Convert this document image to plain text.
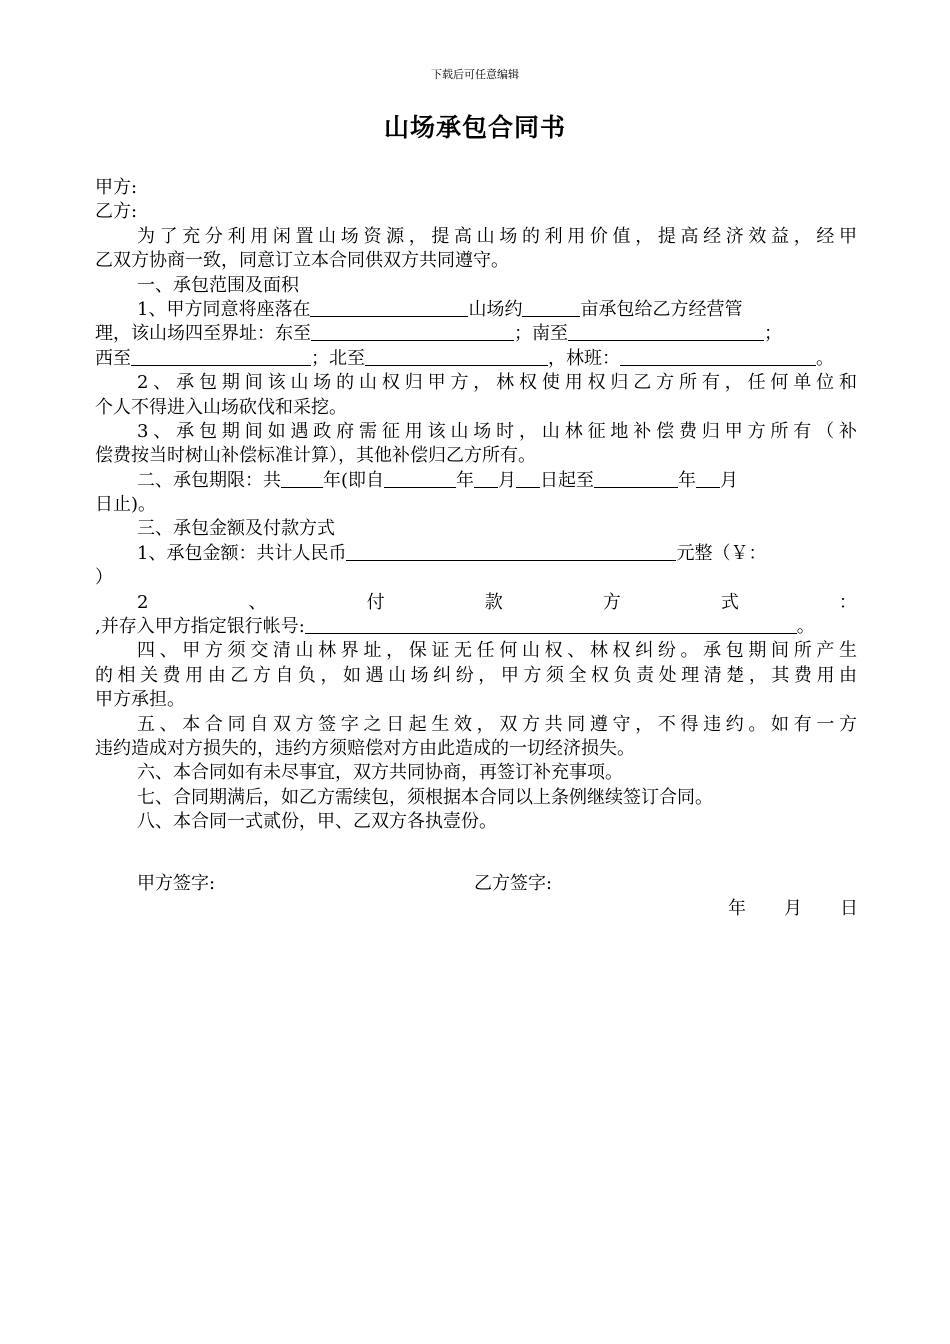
下载后可任意编辑
山场承包合同书
甲方:
乙方:
为了充分利用闲置山场资源，提高山场的利用价值，提高经济效益，经甲
乙双方协商一致，同意订立本合同供双方共同遵守。
一、承包范围及面积
1、甲方同意将座落在	山场约	亩承包给乙方经营管
理，该山场四至界址：东至	；南至	；
西至	；北至	，林班：	。
2、承包期间该山场的山权归甲方，林权使用权归乙方所有，任何单位和
个人不得进入山场砍伐和采挖。
3、承包期间如遇政府需征用该山场时，山林征地补偿费归甲方所有（补
偿费按当时树山补偿标准计算），其他补偿归乙方所有。
二、承包期限：共 年(即自	年 月 日起至	年 月
日止)。
三、承包金额及付款方式
1、承包金额：共计人民币	元整（￥：
）
2	、	付	款	方	式	：
,并存入甲方指定银行帐号:	。
四、甲方须交清山林界址，保证无任何山权、林权纠纷。承包期间所产生
的相关费用由乙方自负，如遇山场纠纷，甲方须全权负责处理清楚，其费用由
甲方承担。
五、本合同自双方签字之日起生效，双方共同遵守，不得违约。如有一方
违约造成对方损失的，违约方须赔偿对方由此造成的一切经济损失。
六、本合同如有未尽事宜，双方共同协商，再签订补充事项。
七、合同期满后，如乙方需续包，须根据本合同以上条例继续签订合同。
八、本合同一式贰份，甲、乙双方各执壹份。
甲方签字:	乙方签字:
年 月 日
